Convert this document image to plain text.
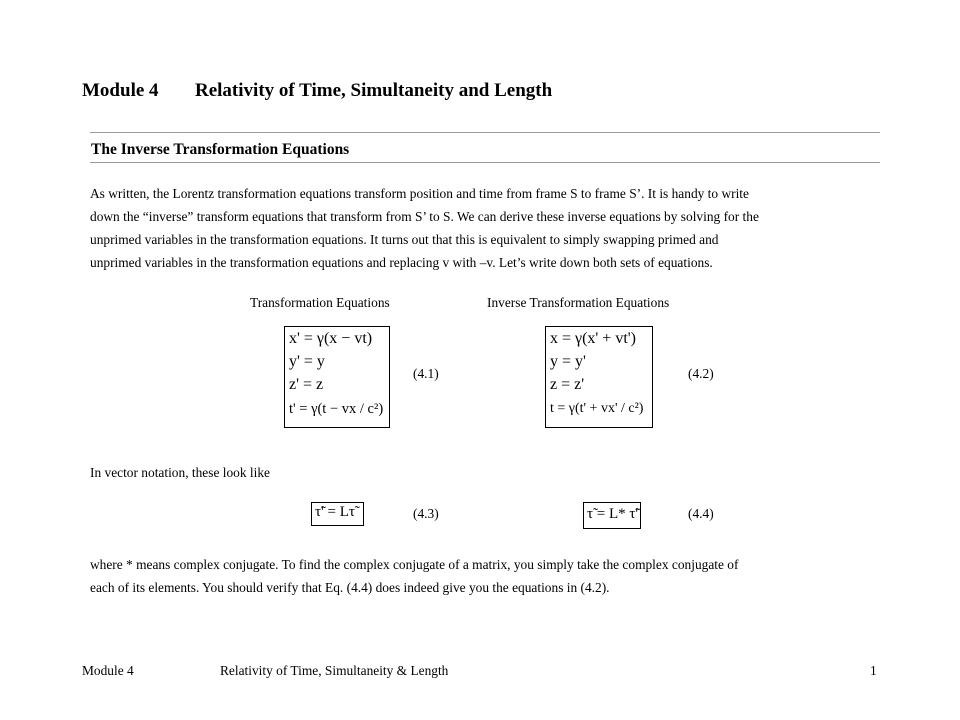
Module 4 Relativity of Time, Simultaneity and Length
The Inverse Transformation Equations

As written, the Lorentz transformation equations transform position and time from frame S to frame S’. It is handy to write

down the “inverse” transform equations that transform from S’ to S. We can derive these inverse equations by solving for the

unprimed variables in the transformation equations. It turns out that this is equivalent to simply swapping primed and

unprimed variables in the transformation equations and replacing v with –v. Let’s write down both sets of equations.

Transformation Equations	Inverse Transformation Equations
x' = γ(x − vt)
y' = y
z' = z
t' = γ(t − vx / c²)
(4.1)
x = γ(x' + vt')
y = y'
z = z'
t = γ(t' + vx' / c²)
(4.2)
In vector notation, these look like
τ̃' = Lτ̃	(4.3)	τ̃ = L* τ̃'	(4.4)

where * means complex conjugate. To find the complex conjugate of a matrix, you simply take the complex conjugate of

each of its elements. You should verify that Eq. (4.4) does indeed give you the equations in (4.2).

Module 4	Relativity of Time, Simultaneity & Length	1
